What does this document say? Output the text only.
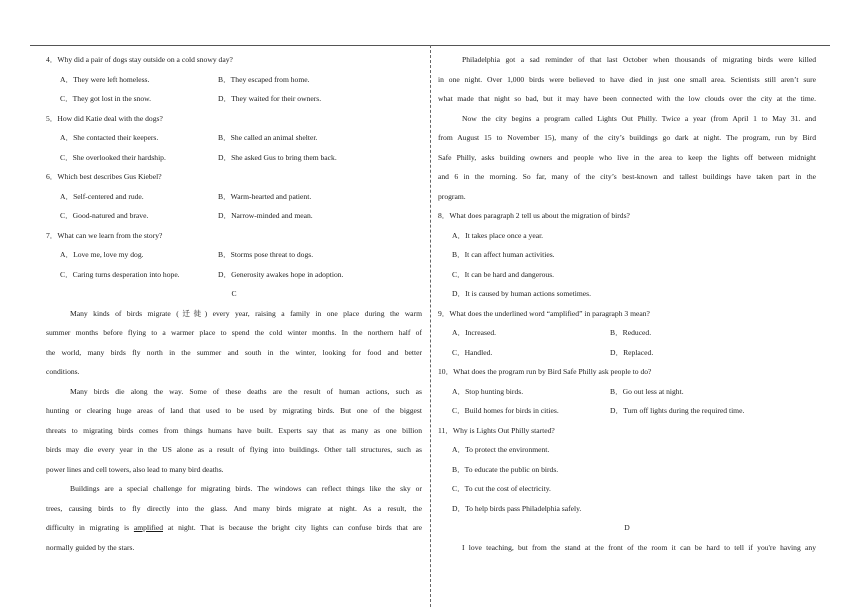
4．Why did a pair of dogs stay outside on a cold snowy day?
A．They were left homeless.	B．They escaped from home.
C．They got lost in the snow.	D．They waited for their owners.
5．How did Katie deal with the dogs?
A．She contacted their keepers.	B．She called an animal shelter.
C．She overlooked their hardship.	D．She asked Gus to bring them back.
6．Which best describes Gus Kiebel?
A．Self-centered and rude.	B．Warm-hearted and patient.
C．Good-natured and brave.	D．Narrow-minded and mean.
7．What can we learn from the story?
A．Love me, love my dog.	B．Storms pose threat to dogs.
C．Caring turns desperation into hope.	D．Generosity awakes hope in adoption.
C
Many kinds of birds migrate (迁徙) every year, raising a family in one place during the warm
summer months before flying to a warmer place to spend the cold winter months. In the northern half of
the world, many birds fly north in the summer and south in the winter, looking for food and better
conditions.
Many birds die along the way. Some of these deaths are the result of human actions, such as
hunting or clearing huge areas of land that used to be used by migrating birds. But one of the biggest
threats to migrating birds comes from things humans have built. Experts say that as many as one billion
birds may die every year in the US alone as a result of flying into buildings. Other tall structures, such as
power lines and cell towers, also lead to many bird deaths.
Buildings are a special challenge for migrating birds. The windows can reflect things like the sky or
trees, causing birds to fly directly into the glass. And many birds migrate at night. As a result, the
difficulty in migrating is amplified at night. That is because the bright city lights can confuse birds that are
normally guided by the stars.
Philadelphia got a sad reminder of that last October when thousands of migrating birds were killed
in one night. Over 1,000 birds were believed to have died in just one small area. Scientists still aren’t sure
what made that night so bad, but it may have been connected with the low clouds over the city at the time.
Now the city begins a program called Lights Out Philly. Twice a year (from April 1 to May 31. and
from August 15 to November 15), many of the city’s buildings go dark at night. The program, run by Bird
Safe Philly, asks building owners and people who live in the area to keep the lights off between midnight
and 6 in the morning. So far, many of the city’s best-known and tallest buildings have taken part in the
program.
8．What does paragraph 2 tell us about the migration of birds?
A．It takes place once a year.
B．It can affect human activities.
C．It can be hard and dangerous.
D．It is caused by human actions sometimes.
9．What does the underlined word “amplified” in paragraph 3 mean?
A．Increased.	B．Reduced.
C．Handled.	D．Replaced.
10．What does the program run by Bird Safe Philly ask people to do?
A．Stop hunting birds.	B．Go out less at night.
C．Build homes for birds in cities.	D．Turn off lights during the required time.
11．Why is Lights Out Philly started?
A．To protect the environment.
B．To educate the public on birds.
C．To cut the cost of electricity.
D．To help birds pass Philadelphia safely.
D
I love teaching, but from the stand at the front of the room it can be hard to tell if you're having any
